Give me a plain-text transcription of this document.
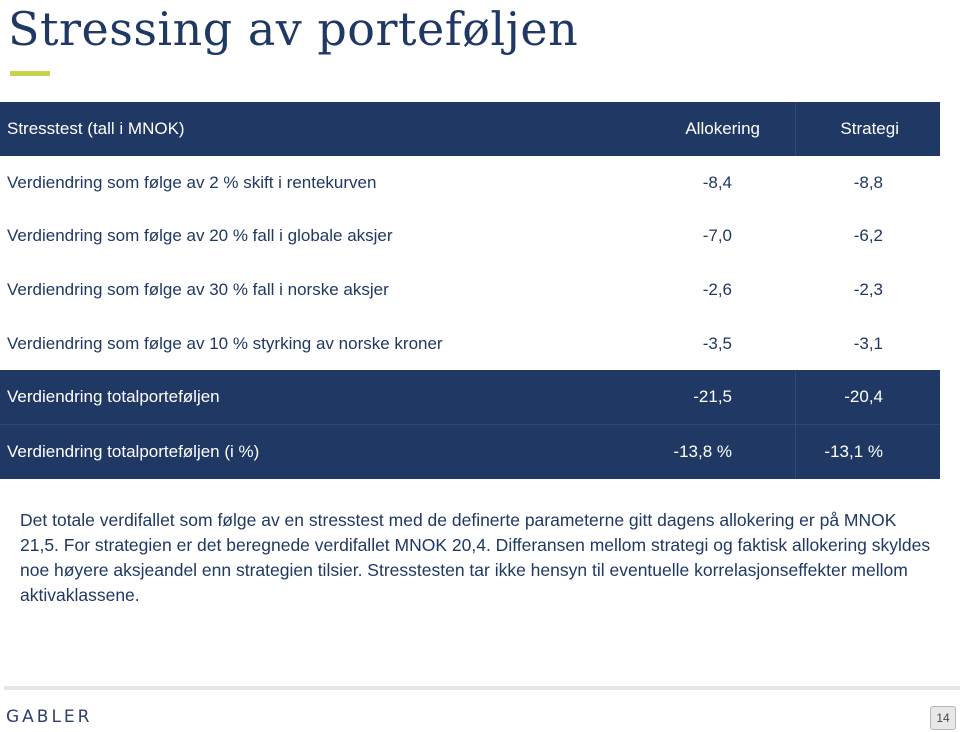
Stressing av porteføljen
Stresstest (tall i MNOK)	Allokering	Strategi
Verdiendring som følge av 2 % skift i rentekurven	-8,4	-8,8
Verdiendring som følge av 20 % fall i globale aksjer	-7,0	-6,2
Verdiendring som følge av 30 % fall i norske aksjer	-2,6	-2,3
Verdiendring som følge av 10 % styrking av norske kroner	-3,5	-3,1
Verdiendring totalporteføljen	-21,5	-20,4
Verdiendring totalporteføljen (i %)	-13,8 %	-13,1 %
Det totale verdifallet som følge av en stresstest med de definerte parameterne gitt dagens allokering er på MNOK 21,5. For strategien er det beregnede verdifallet MNOK 20,4. Differansen mellom strategi og faktisk allokering skyldes noe høyere aksjeandel enn strategien tilsier. Stresstesten tar ikke hensyn til eventuelle korrelasjonseffekter mellom aktivaklassene.
GABLER	14
